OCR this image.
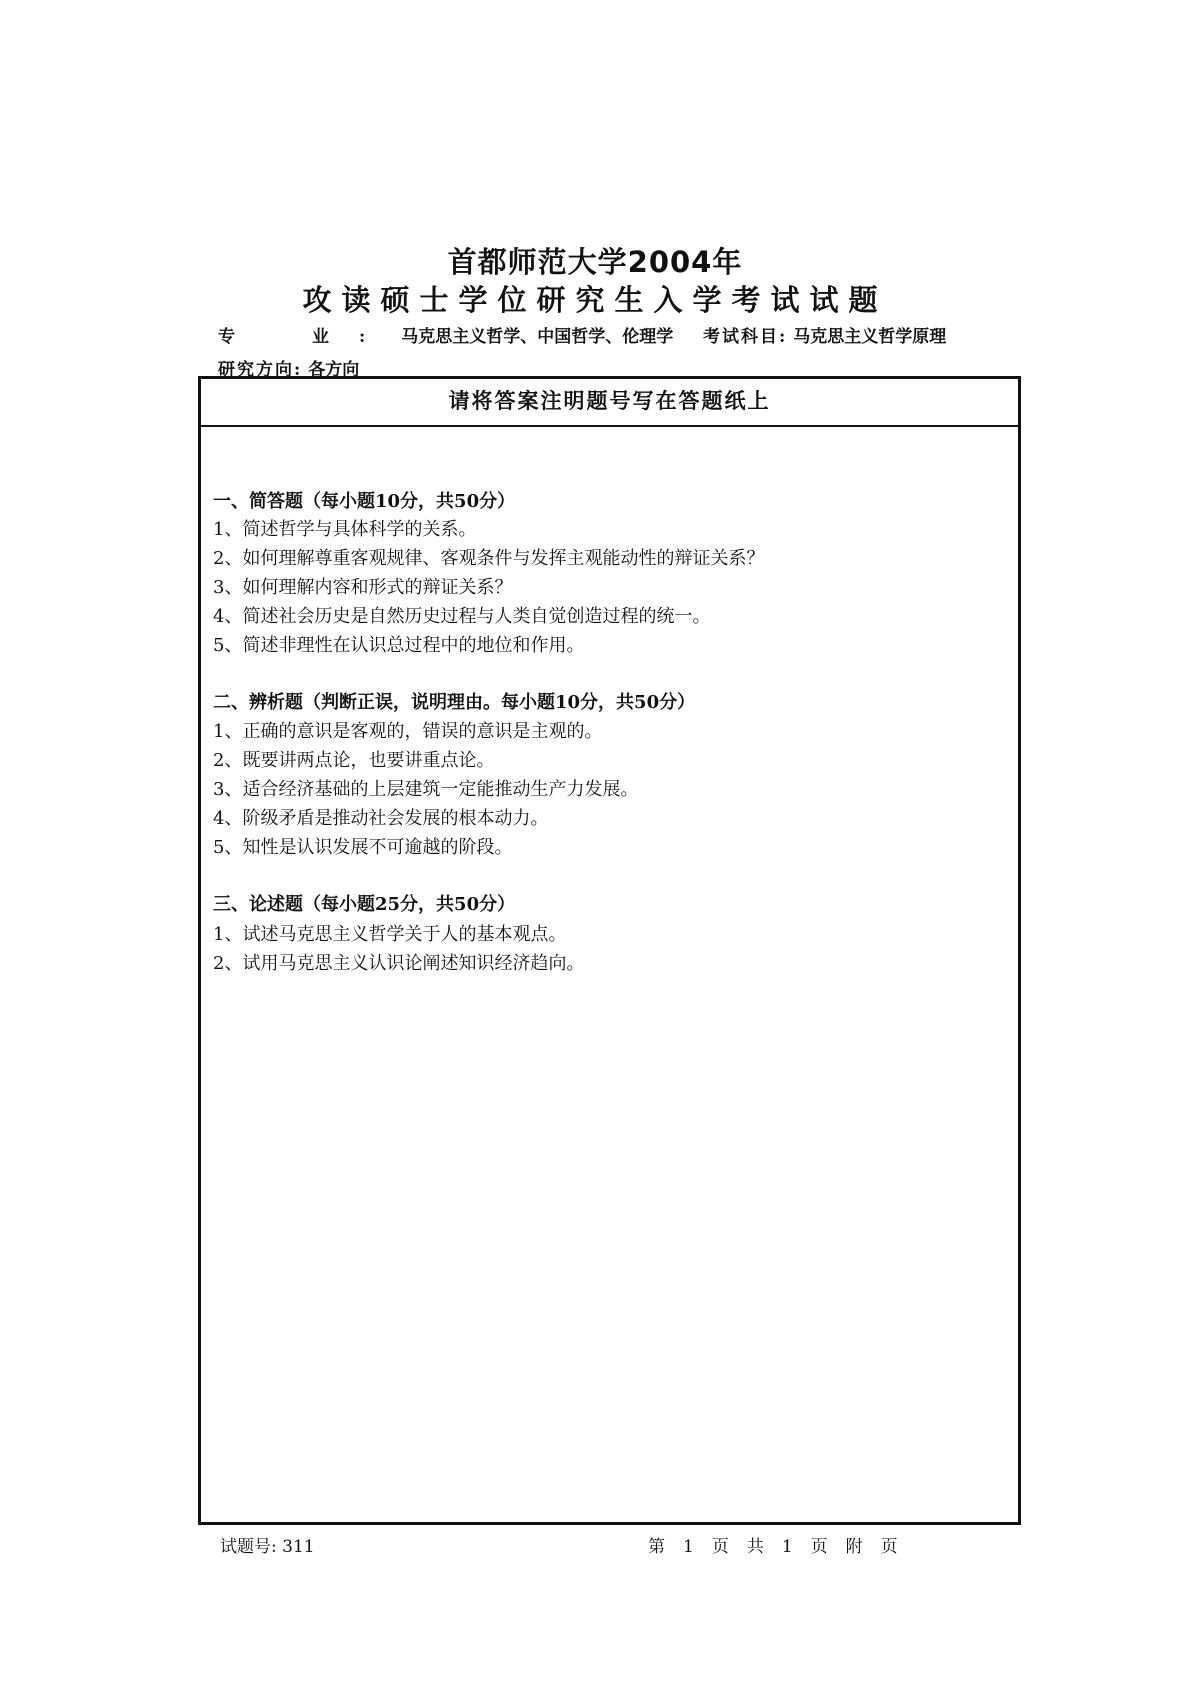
首都师范大学2004年
攻读硕士学位研究生入学考试试题
专　业: 马克思主义哲学、中国哲学、伦理学 考试科目: 马克思主义哲学原理
研究方向: 各方向
请将答案注明题号写在答题纸上
一、简答题（每小题10分，共50分）
1、简述哲学与具体科学的关系。
2、如何理解尊重客观规律、客观条件与发挥主观能动性的辩证关系？
3、如何理解内容和形式的辩证关系？
4、简述社会历史是自然历史过程与人类自觉创造过程的统一。
5、简述非理性在认识总过程中的地位和作用。
二、辨析题（判断正误，说明理由。每小题10分，共50分）
1、正确的意识是客观的，错误的意识是主观的。
2、既要讲两点论，也要讲重点论。
3、适合经济基础的上层建筑一定能推动生产力发展。
4、阶级矛盾是推动社会发展的根本动力。
5、知性是认识发展不可逾越的阶段。
三、论述题（每小题25分，共50分）
1、试述马克思主义哲学关于人的基本观点。
2、试用马克思主义认识论阐述知识经济趋向。
试题号: 311	第 1 页 共 1 页 附 页
